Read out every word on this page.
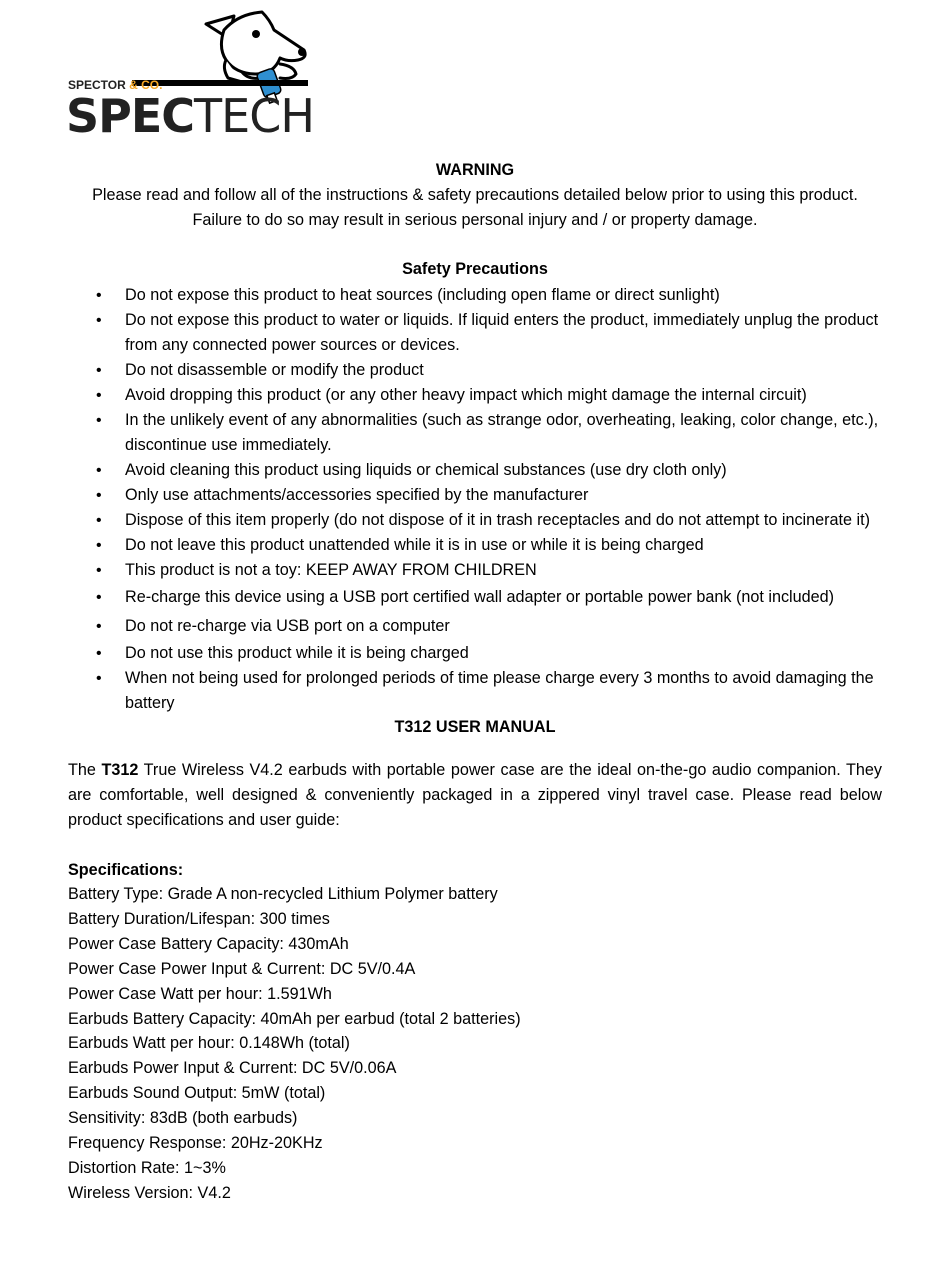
SPECTOR & CO.
SPECTECH
WARNING
Please read and follow all of the instructions & safety precautions detailed below prior to using this product. Failure to do so may result in serious personal injury and / or property damage.
Safety Precautions
• Do not expose this product to heat sources (including open flame or direct sunlight)
• Do not expose this product to water or liquids. If liquid enters the product, immediately unplug the product from any connected power sources or devices.
• Do not disassemble or modify the product
• Avoid dropping this product (or any other heavy impact which might damage the internal circuit)
• In the unlikely event of any abnormalities (such as strange odor, overheating, leaking, color change, etc.), discontinue use immediately.
• Avoid cleaning this product using liquids or chemical substances (use dry cloth only)
• Only use attachments/accessories specified by the manufacturer
• Dispose of this item properly (do not dispose of it in trash receptacles and do not attempt to incinerate it)
• Do not leave this product unattended while it is in use or while it is being charged
• This product is not a toy: KEEP AWAY FROM CHILDREN
• Re-charge this device using a USB port certified wall adapter or portable power bank (not included)
• Do not re-charge via USB port on a computer
• Do not use this product while it is being charged
• When not being used for prolonged periods of time please charge every 3 months to avoid damaging the battery
T312 USER MANUAL
The T312 True Wireless V4.2 earbuds with portable power case are the ideal on-the-go audio companion. They are comfortable, well designed & conveniently packaged in a zippered vinyl travel case. Please read below product specifications and user guide:
Specifications:
Battery Type: Grade A non-recycled Lithium Polymer battery
Battery Duration/Lifespan: 300 times
Power Case Battery Capacity: 430mAh
Power Case Power Input & Current: DC 5V/0.4A
Power Case Watt per hour: 1.591Wh
Earbuds Battery Capacity: 40mAh per earbud (total 2 batteries)
Earbuds Watt per hour: 0.148Wh (total)
Earbuds Power Input & Current: DC 5V/0.06A
Earbuds Sound Output: 5mW (total)
Sensitivity: 83dB (both earbuds)
Frequency Response: 20Hz-20KHz
Distortion Rate: 1~3%
Wireless Version: V4.2
